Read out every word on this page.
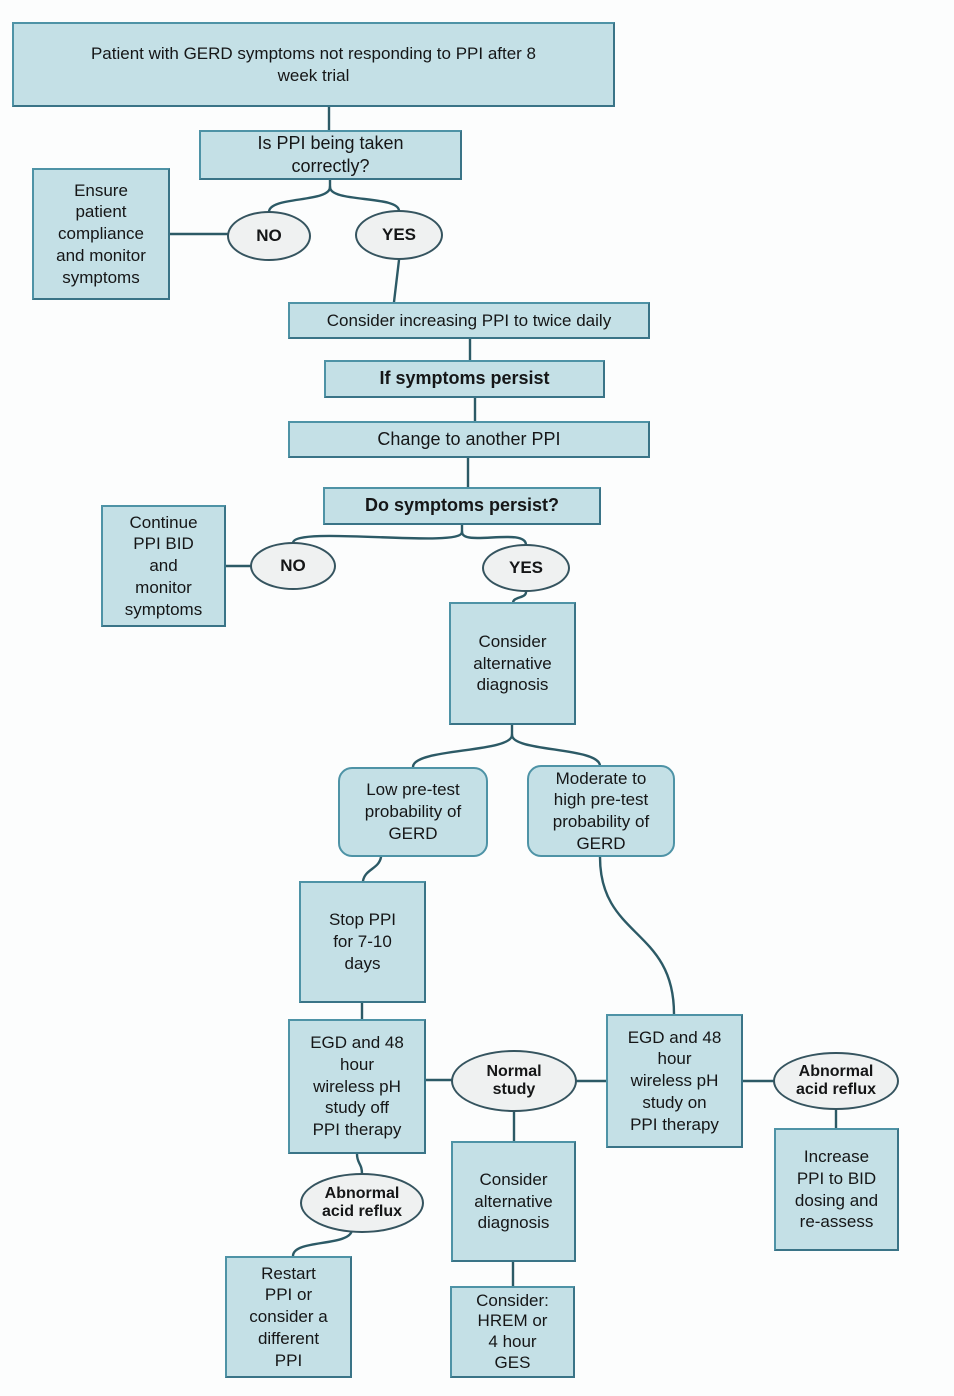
Patient with GERD symptoms not responding to PPI after 8 week trial
Is PPI being taken correctly?
Ensure patient compliance and monitor symptoms
NO	YES
Consider increasing PPI to twice daily
If symptoms persist
Change to another PPI
Do symptoms persist?
Continue PPI BID and monitor symptoms
NO	YES
Consider alternative diagnosis
Low pre-test probability of GERD
Moderate to high pre-test probability of GERD
Stop PPI for 7-10 days
EGD and 48 hour wireless pH study off PPI therapy
Normal study
EGD and 48 hour wireless pH study on PPI therapy
Abnormal acid reflux
Increase PPI to BID dosing and re-assess
Abnormal acid reflux
Restart PPI or consider a different PPI
Consider alternative diagnosis
Consider: HREM or 4 hour GES
